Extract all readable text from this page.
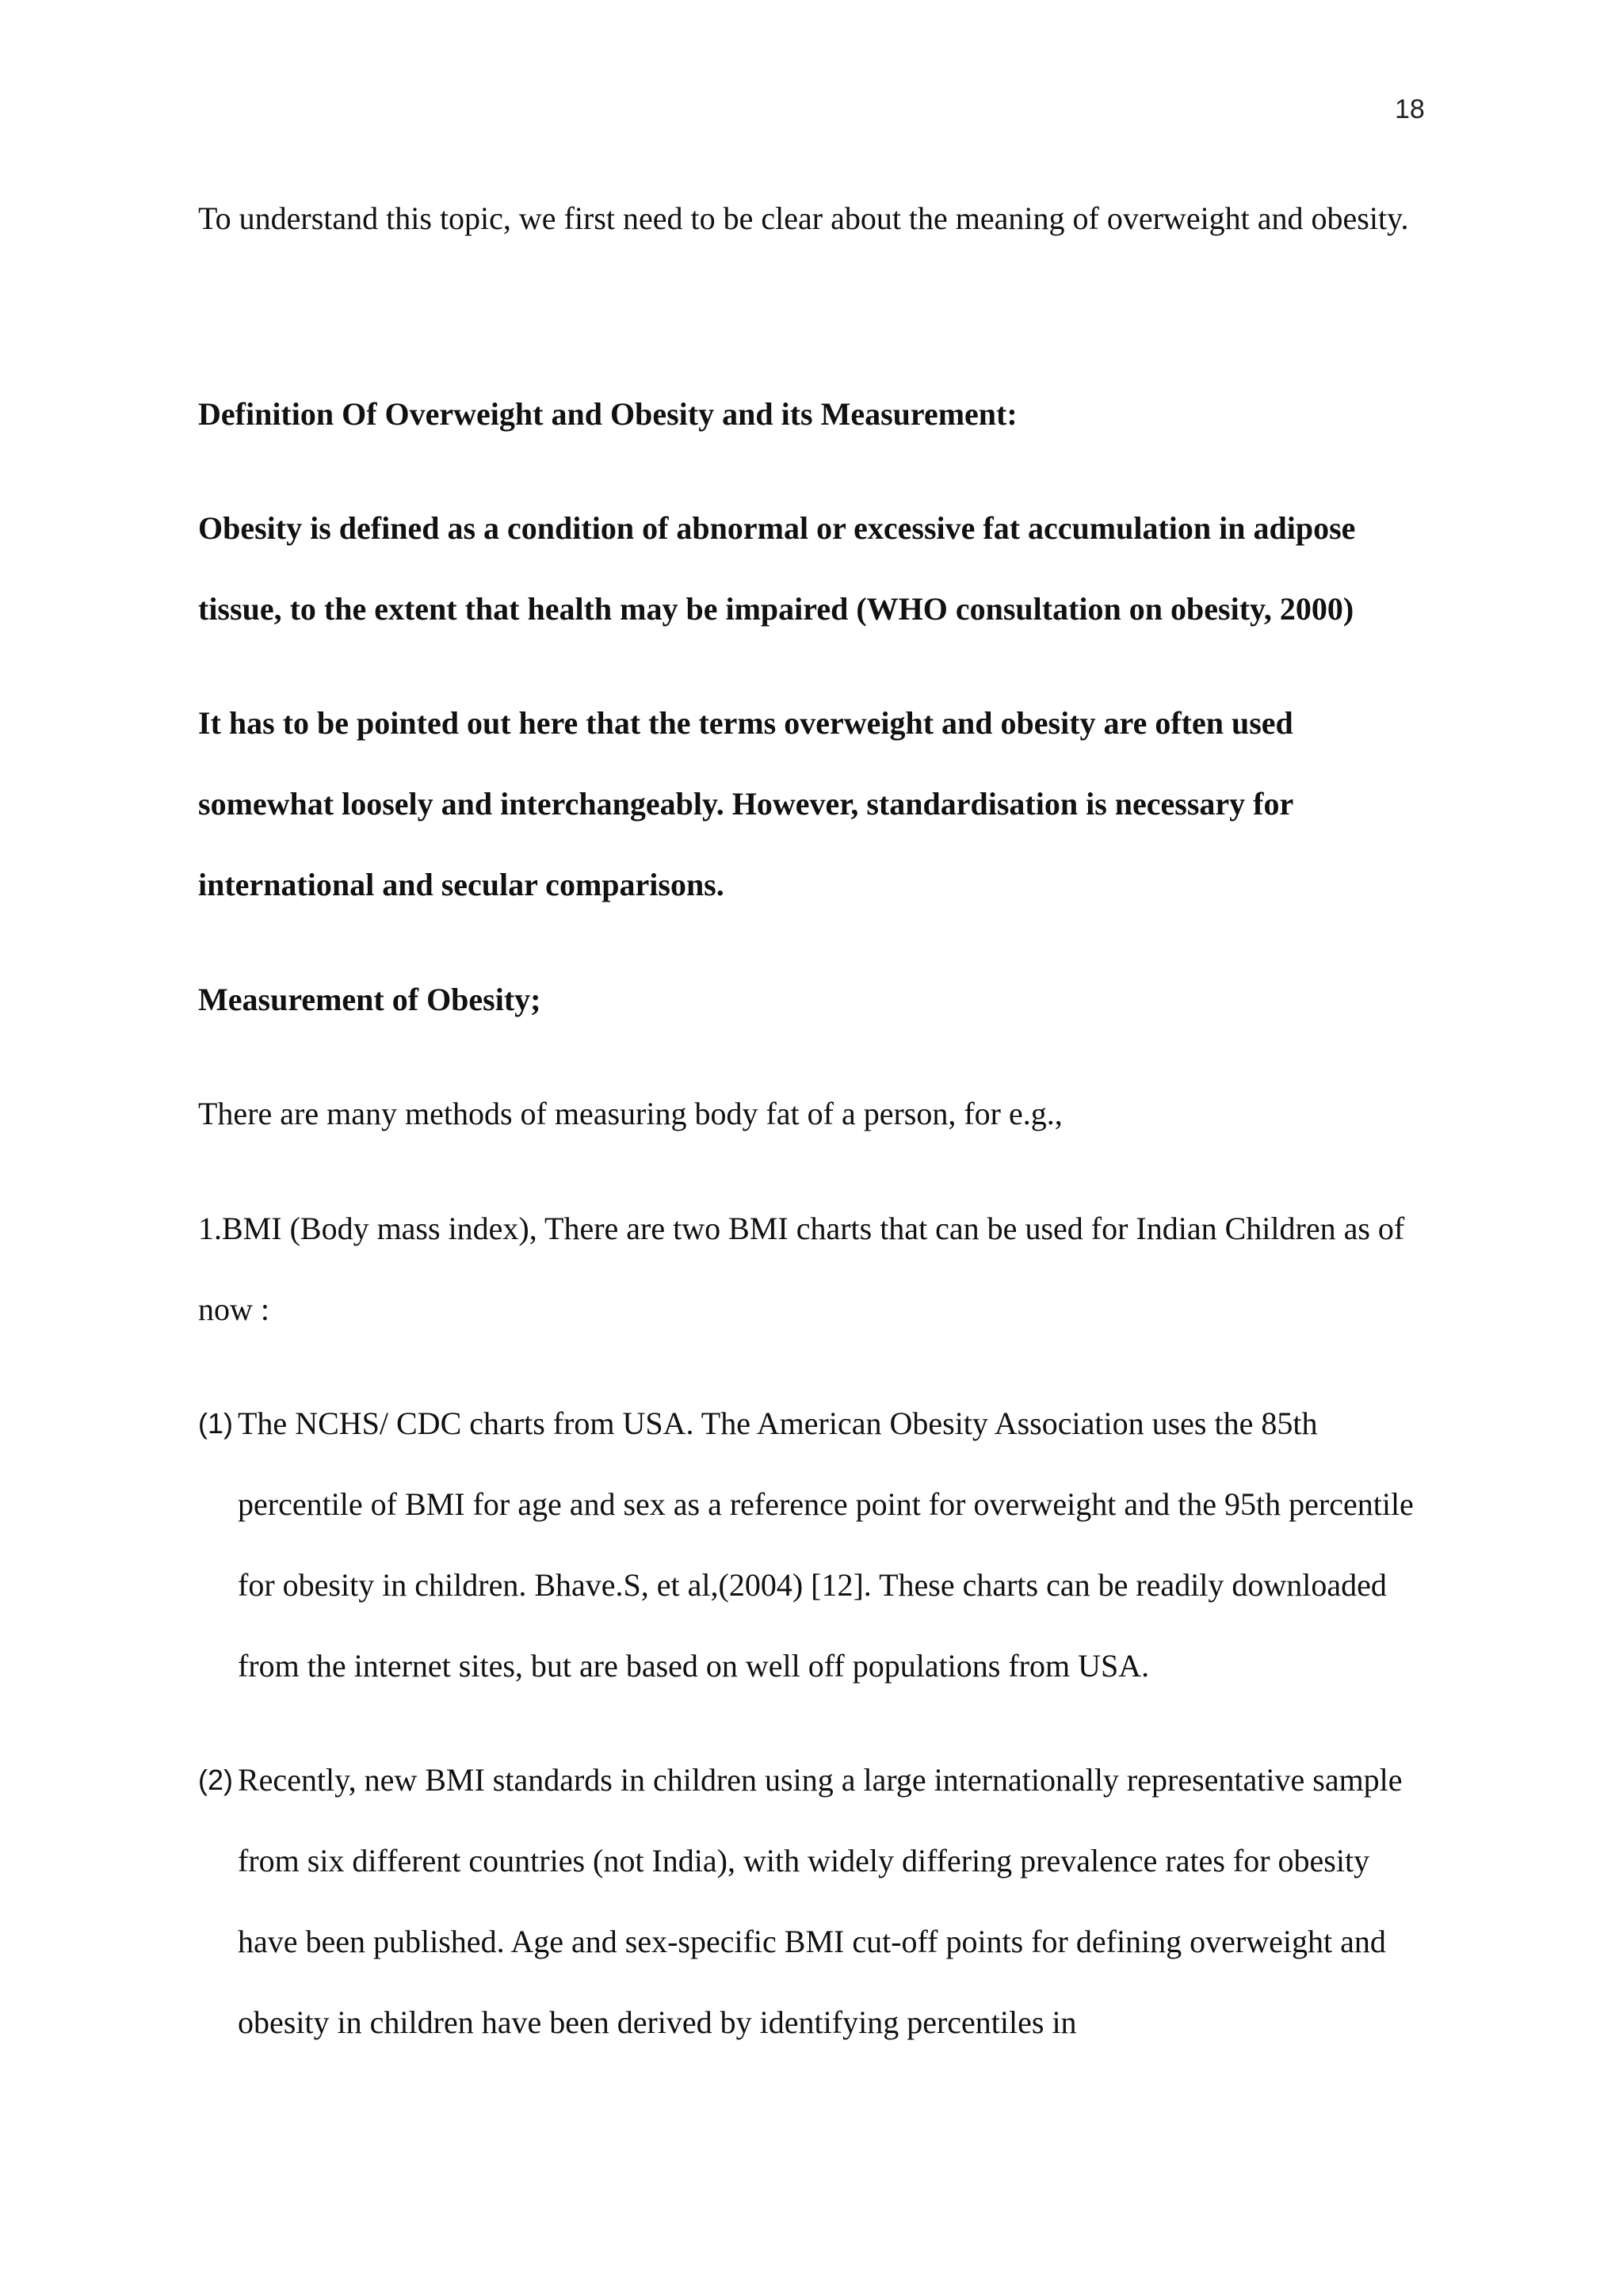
18

To understand this topic, we first need to be clear about the meaning of overweight and obesity.

Definition Of Overweight and Obesity and its Measurement:

Obesity is defined as a condition of abnormal or excessive fat accumulation in adipose tissue, to the extent that health may be impaired (WHO consultation on obesity, 2000)

It has to be pointed out here that the terms overweight and obesity are often used somewhat loosely and interchangeably. However, standardisation is necessary for international and secular comparisons.

Measurement of Obesity;

There are many methods of measuring body fat of a person, for e.g.,

1.BMI (Body mass index), There are two BMI charts that can be used for Indian Children as of now :

(1) The NCHS/ CDC charts from USA. The American Obesity Association uses the 85th percentile of BMI for age and sex as a reference point for overweight and the 95th percentile for obesity in children. Bhave.S, et al,(2004) [12]. These charts can be readily downloaded from the internet sites, but are based on well off populations from USA.
(2) Recently, new BMI standards in children using a large internationally representative sample from six different countries (not India), with widely differing prevalence rates for obesity have been published. Age and sex-specific BMI cut-off points for defining overweight and obesity in children have been derived by identifying percentiles in
